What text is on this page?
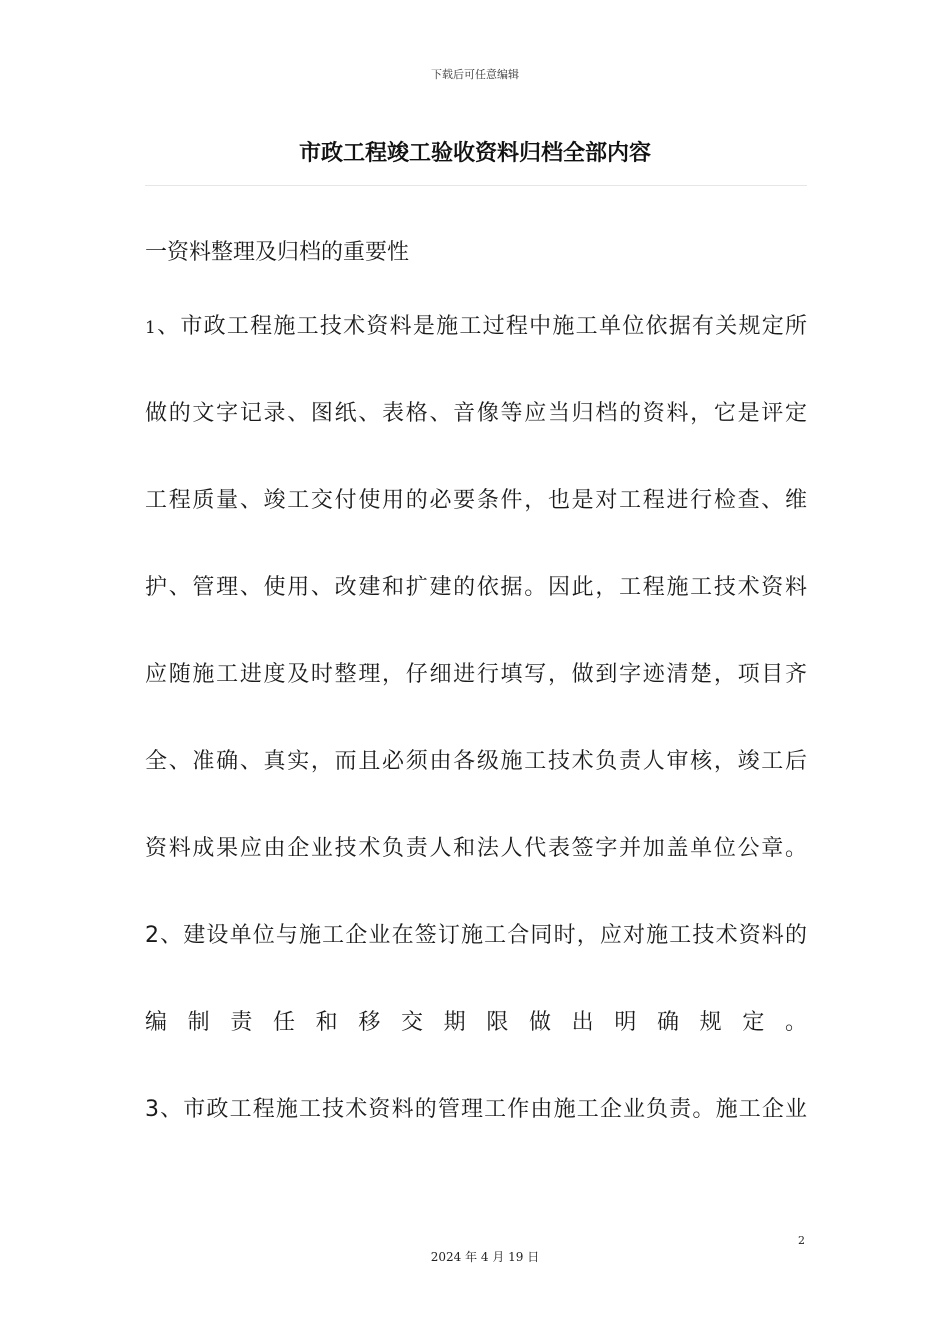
下载后可任意编辑
市政工程竣工验收资料归档全部内容
一资料整理及归档的重要性
1、市政工程施工技术资料是施工过程中施工单位依据有关规定所
做的文字记录、图纸、表格、音像等应当归档的资料，它是评定
工程质量、竣工交付使用的必要条件，也是对工程进行检查、维
护、管理、使用、改建和扩建的依据。因此，工程施工技术资料
应随施工进度及时整理，仔细进行填写，做到字迹清楚，项目齐
全、准确、真实，而且必须由各级施工技术负责人审核，竣工后
资料成果应由企业技术负责人和法人代表签字并加盖单位公章。
2、建设单位与施工企业在签订施工合同时，应对施工技术资料的
编 制 责 任 和 移 交 期 限 做 出 明 确 规 定 。
3、市政工程施工技术资料的管理工作由施工企业负责。施工企业
2
2024 年 4 月 19 日
